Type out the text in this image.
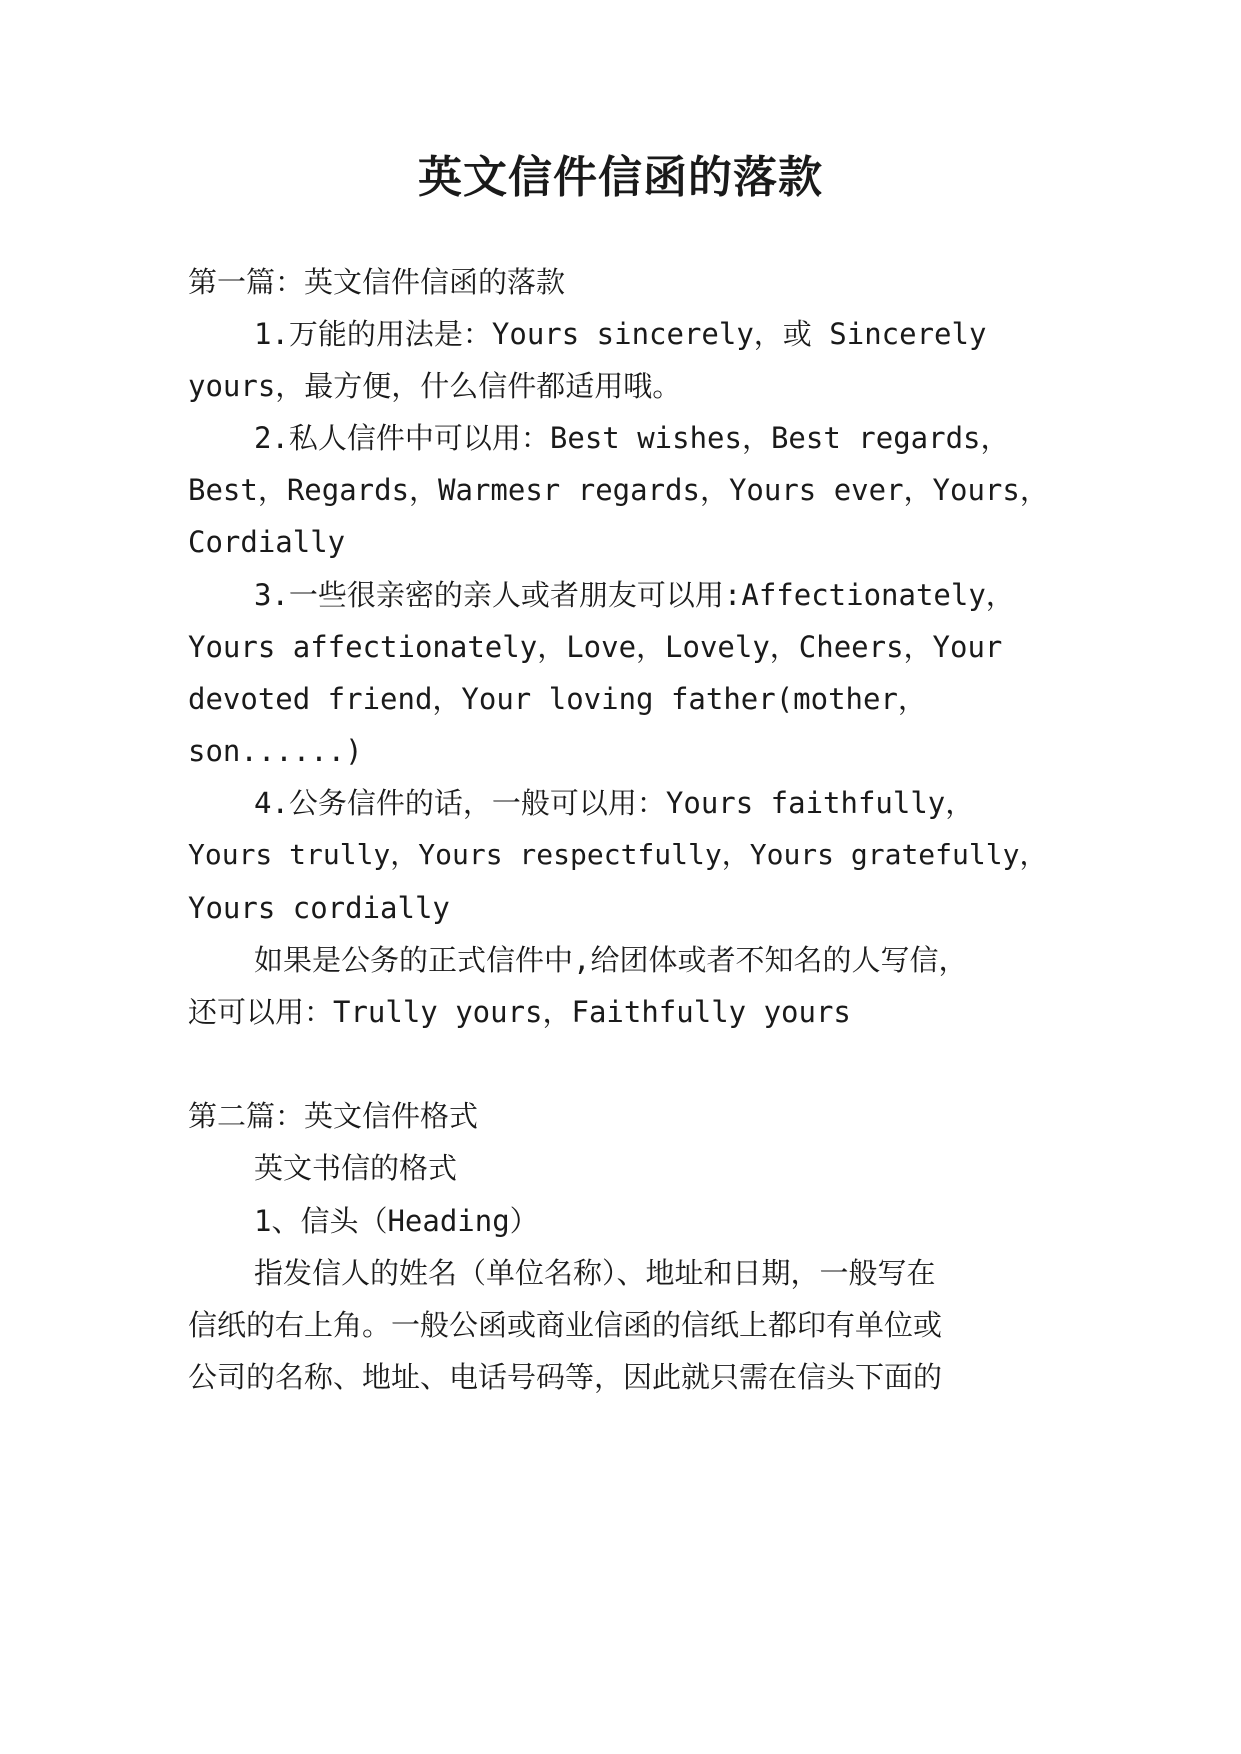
英文信件信函的落款
第一篇：英文信件信函的落款
1.万能的用法是：Yours sincerely，或 Sincerely
yours，最方便，什么信件都适用哦。
2.私人信件中可以用：Best wishes，Best regards，
Best，Regards，Warmesr regards，Yours ever，Yours，
Cordially
3.一些很亲密的亲人或者朋友可以用:Affectionately，
Yours affectionately，Love，Lovely，Cheers，Your
devoted friend，Your loving father(mother，
son......)
4.公务信件的话，一般可以用：Yours faithfully，
Yours trully，Yours respectfully，Yours gratefully，
Yours cordially
如果是公务的正式信件中,给团体或者不知名的人写信，
还可以用：Trully yours，Faithfully yours
第二篇：英文信件格式
英文书信的格式
1、信头（Heading）
指发信人的姓名（单位名称）、地址和日期，一般写在
信纸的右上角。一般公函或商业信函的信纸上都印有单位或
公司的名称、地址、电话号码等，因此就只需在信头下面的
